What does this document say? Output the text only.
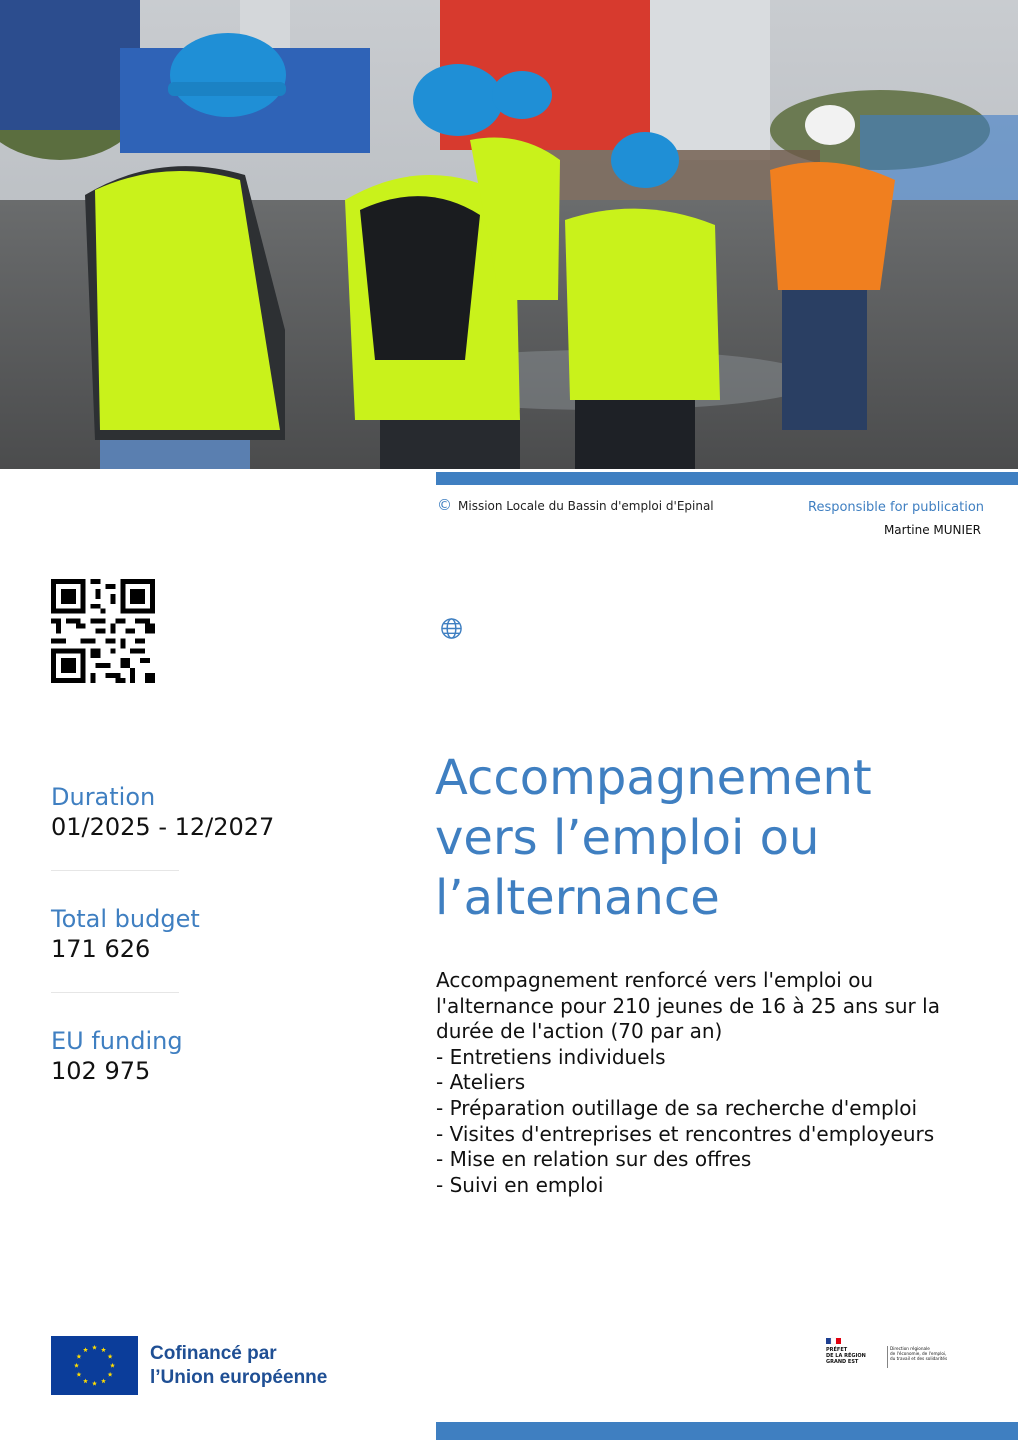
© Mission Locale du Bassin d'emploi d'Epinal	Responsible for publication
Martine MUNIER
Duration
01/2025 - 12/2027
Total budget
171 626
EU funding
102 975
Accompagnement
vers l’emploi ou
l’alternance
Accompagnement renforcé vers l'emploi ou
l'alternance pour 210 jeunes de 16 à 25 ans sur la
durée de l'action (70 par an)
- Entretiens individuels
- Ateliers
- Préparation outillage de sa recherche d'emploi
- Visites d'entreprises et rencontres d'employeurs
- Mise en relation sur des offres
- Suivi en emploi
Cofinancé par
l’Union européenne
PRÉFET
DE LA RÉGION
GRAND EST
Direction régionale
de l'économie, de l'emploi,
du travail et des solidarités
